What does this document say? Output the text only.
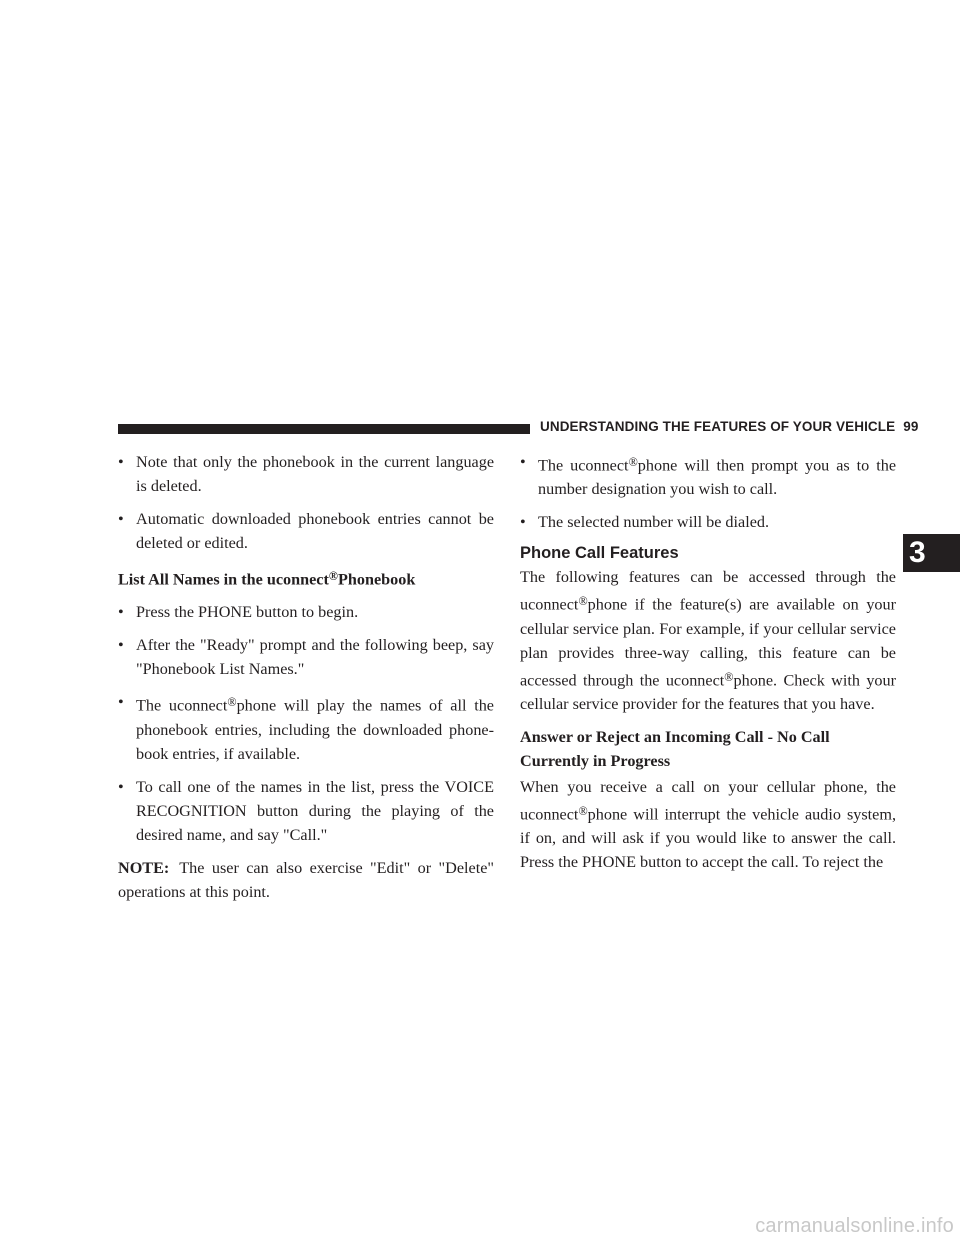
UNDERSTANDING THE FEATURES OF YOUR VEHICLE 99
3
• Note that only the phonebook in the current language is deleted.
• Automatic downloaded phonebook entries cannot be deleted or edited.
List All Names in the uconnect®Phonebook
• Press the PHONE button to begin.
• After the "Ready" prompt and the following beep, say "Phonebook List Names."
• The uconnect®phone will play the names of all the phonebook entries, including the downloaded phone-book entries, if available.
• To call one of the names in the list, press the VOICE RECOGNITION button during the playing of the desired name, and say "Call."
NOTE: The user can also exercise "Edit" or "Delete" operations at this point.
• The uconnect®phone will then prompt you as to the number designation you wish to call.
• The selected number will be dialed.
Phone Call Features
The following features can be accessed through the uconnect®phone if the feature(s) are available on your cellular service plan. For example, if your cellular service plan provides three-way calling, this feature can be accessed through the uconnect®phone. Check with your cellular service provider for the features that you have.
Answer or Reject an Incoming Call - No Call Currently in Progress
When you receive a call on your cellular phone, the uconnect®phone will interrupt the vehicle audio system, if on, and will ask if you would like to answer the call. Press the PHONE button to accept the call. To reject the
carmanualsonline.info
